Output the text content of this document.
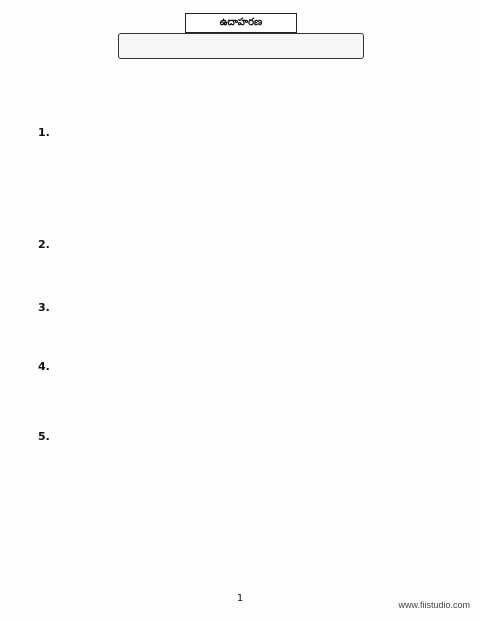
ఉదాహరణ
1.
2.
3.
4.
5.
1
www.fiistudio.com
